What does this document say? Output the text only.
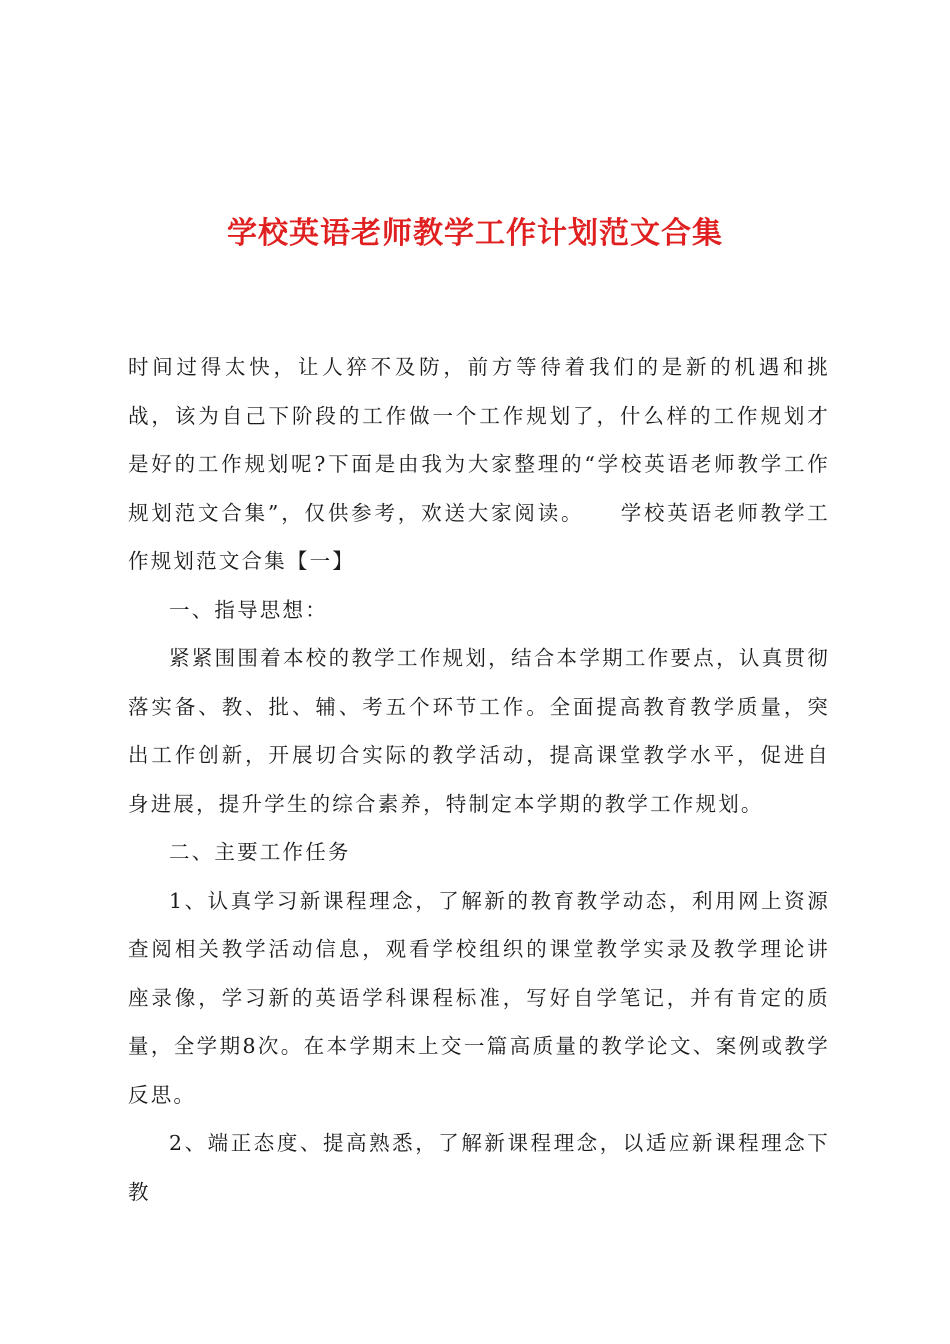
学校英语老师教学工作计划范文合集

时间过得太快，让人猝不及防，前方等待着我们的是新的机遇和挑战，该为自己下阶段的工作做一个工作规划了，什么样的工作规划才是好的工作规划呢?下面是由我为大家整理的“学校英语老师教学工作规划范文合集”，仅供参考，欢送大家阅读。　　学校英语老师教学工作规划范文合集【一】

一、指导思想：

紧紧围围着本校的教学工作规划，结合本学期工作要点，认真贯彻落实备、教、批、辅、考五个环节工作。全面提高教育教学质量，突出工作创新，开展切合实际的教学活动，提高课堂教学水平，促进自身进展，提升学生的综合素养，特制定本学期的教学工作规划。

二、主要工作任务

1、认真学习新课程理念，了解新的教育教学动态，利用网上资源查阅相关教学活动信息，观看学校组织的课堂教学实录及教学理论讲座录像，学习新的英语学科课程标准，写好自学笔记，并有肯定的质量，全学期8次。在本学期末上交一篇高质量的教学论文、案例或教学反思。

2、端正态度、提高熟悉，了解新课程理念，以适应新课程理念下教
